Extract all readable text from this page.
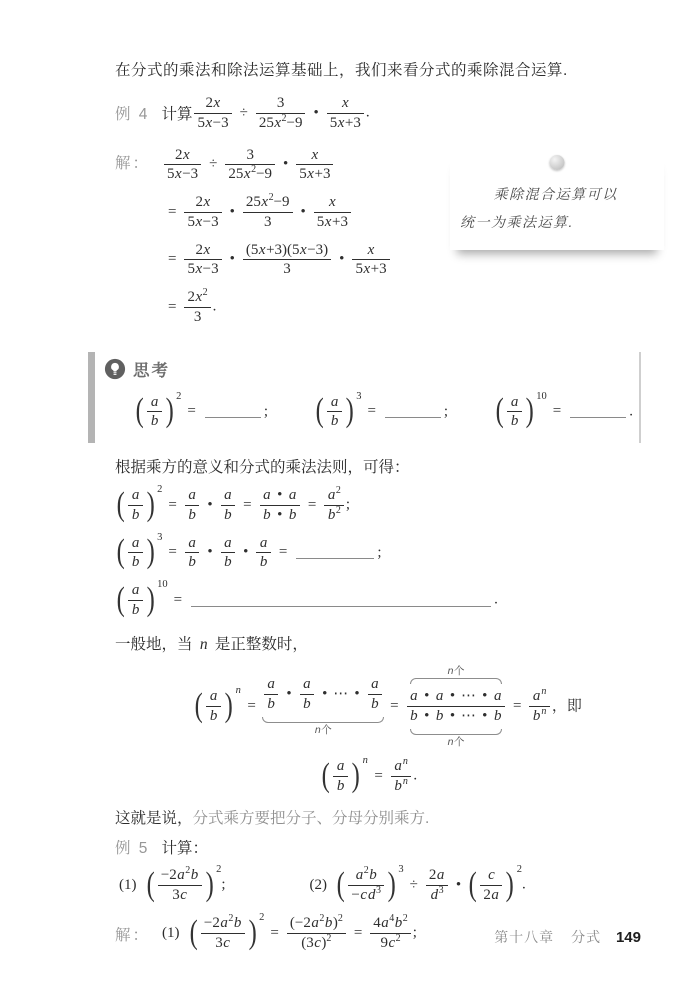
在分式的乘法和除法运算基础上，我们来看分式的乘除混合运算.

例 4 计算 $\frac{2x}{5x-3} \div \frac{3}{25x^2-9}$ • $\frac{x}{5x+3}$ .
解： $\frac{2x}{5x-3} \div \frac{3}{25x^2-9}$ • $\frac{x}{5x+3}$
= $\frac{2x}{5x-3}$ • $\frac{25x^2-9}{3}$ • $\frac{x}{5x+3}$
= $\frac{2x}{5x-3}$ • $\frac{(5x+3)(5x-3)}{3}$ • $\frac{x}{5x+3}$
= $\frac{2x^2}{3}$ .

乘除混合运算可以
统一为乘法运算.

思考
( $\frac{a}{b}$ ) 2
=	; ( $\frac{a}{b}$ ) 3
=	; ( $\frac{a}{b}$ ) 10
=	.

根据乘方的意义和分式的乘法法则，可得：

( $\frac{a}{b}$ ) 2
= $\frac{a}{b}$ • $\frac{a}{b} = \frac{a • a}{b • b} = \frac{a^2}{b^2}$ ;
( $\frac{a}{b}$ ) 3
= $\frac{a}{b}$ • $\frac{a}{b}$ • $\frac{a}{b}$ =	;
( $\frac{a}{b}$ ) 10
=	.

一般地，当 n 是正整数时，

( $\frac{a}{b}$ ) n
= $\frac{a}{b}$ • $\frac{a}{b}$ • ⋯ • $\frac{a}{b}$
n个
= n个
a • a • ⋯ • a
b • b • ⋯ • b
n个 = $\frac{a^n}{b^n}$ ，即
( $\frac{a}{b}$ ) n
= $\frac{a^n}{b^n}$ .

这就是说，分式乘方要把分子、分母分别乘方.

例 5 计算：
(1) ( $\frac{-2a^2b}{3c}$ ) 2
;	(2) ( $\frac{a^2b}{-cd^3}$ ) 3
÷ $\frac{2a}{d^3}$ • ( $\frac{c}{2a}$ ) 2
.
解： (1) ( $\frac{-2a^2b}{3c}$ ) 2
= $\frac{(-2a^2b)^2}{(3c)^2} = \frac{4a^4b^2}{9c^2}$ ;	第十八章 分式 149
